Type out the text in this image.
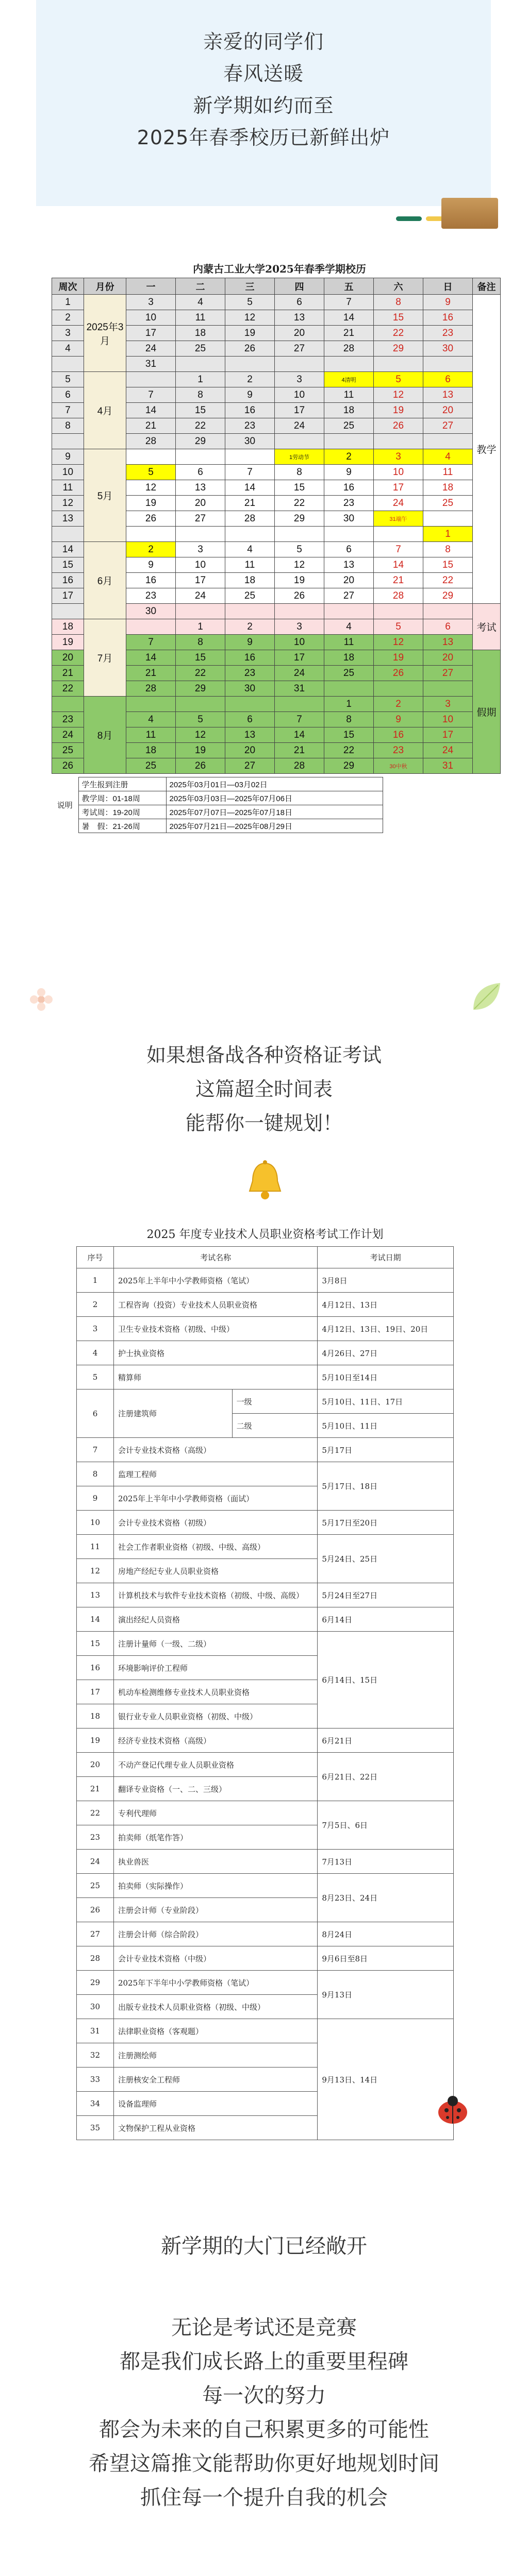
亲爱的同学们
春风送暖
新学期如约而至
2025年春季校历已新鲜出炉
内蒙古工业大学2025年春季学期校历
周次	月份	一	二	三	四	五	六	日	备注
1	2025年3月	3	4	5	6	7	8	9	教学
2		10	11	12	13	14	15	16	
3		17	18	19	20	21	22	23	
4		24	25	26	27	28	29	30	
		31							
5	4月		1	2	3	4清明	5	6	
6		7	8	9	10	11	12	13	
7		14	15	16	17	18	19	20	
8		21	22	23	24	25	26	27	
		28	29	30					
9	5月				1劳动节	2	3	4	
10		5	6	7	8	9	10	11	
11		12	13	14	15	16	17	18	
12		19	20	21	22	23	24	25	
13		26	27	28	29	30	31端午		
								1	
14	6月	2	3	4	5	6	7	8	
15		9	10	11	12	13	14	15	
16		16	17	18	19	20	21	22	
17		23	24	25	26	27	28	29	
		30							考试
18	7月		1	2	3	4	5	6	
19		7	8	9	10	11	12	13	
20		14	15	16	17	18	19	20	假期
21		21	22	23	24	25	26	27	
22		28	29	30	31				
	8月					1	2	3	
23		4	5	6	7	8	9	10	
24		11	12	13	14	15	16	17	
25		18	19	20	21	22	23	24	
26		25	26	27	28	29	30中秋	31	
说明	学生报到注册	2025年03月01日—03月02日
	教学周：01-18周	2025年03月03日—2025年07月06日
	考试周：19-20周	2025年07月07日—2025年07月18日
	暑　假：21-26周	2025年07月21日—2025年08月29日
如果想备战各种资格证考试
这篇超全时间表
能帮你一键规划！
2025 年度专业技术人员职业资格考试工作计划
序号	考试名称		考试日期
1	2025年上半年中小学教师资格（笔试）		3月8日
2	工程咨询（投资）专业技术人员职业资格		4月12日、13日
3	卫生专业技术资格（初级、中级）		4月12日、13日、19日、20日
4	护士执业资格		4月26日、27日
5	精算师		5月10日至14日
6	注册建筑师	一级	5月10日、11日、17日
		二级	5月10日、11日
7	会计专业技术资格（高级）		5月17日
8	监理工程师		5月17日、18日
9	2025年上半年中小学教师资格（面试）		
10	会计专业技术资格（初级）		5月17日至20日
11	社会工作者职业资格（初级、中级、高级）		5月24日、25日
12	房地产经纪专业人员职业资格		
13	计算机技术与软件专业技术资格（初级、中级、高级）		5月24日至27日
14	演出经纪人员资格		6月14日
15	注册计量师（一级、二级）		6月14日、15日
16	环境影响评价工程师		
17	机动车检测维修专业技术人员职业资格		
18	银行业专业人员职业资格（初级、中级）		
19	经济专业技术资格（高级）		6月21日
20	不动产登记代理专业人员职业资格		6月21日、22日
21	翻译专业资格（一、二、三级）		
22	专利代理师		7月5日、6日
23	拍卖师（纸笔作答）		
24	执业兽医		7月13日
25	拍卖师（实际操作）		8月23日、24日
26	注册会计师（专业阶段）		
27	注册会计师（综合阶段）		8月24日
28	会计专业技术资格（中级）		9月6日至8日
29	2025年下半年中小学教师资格（笔试）		9月13日
30	出版专业技术人员职业资格（初级、中级）		
31	法律职业资格（客观题）		9月13日、14日
32	注册测绘师		
33	注册核安全工程师		
34	设备监理师		
35	文物保护工程从业资格		
新学期的大门已经敞开
无论是考试还是竞赛
都是我们成长路上的重要里程碑
每一次的努力
都会为未来的自己积累更多的可能性
希望这篇推文能帮助你更好地规划时间
抓住每一个提升自我的机会
